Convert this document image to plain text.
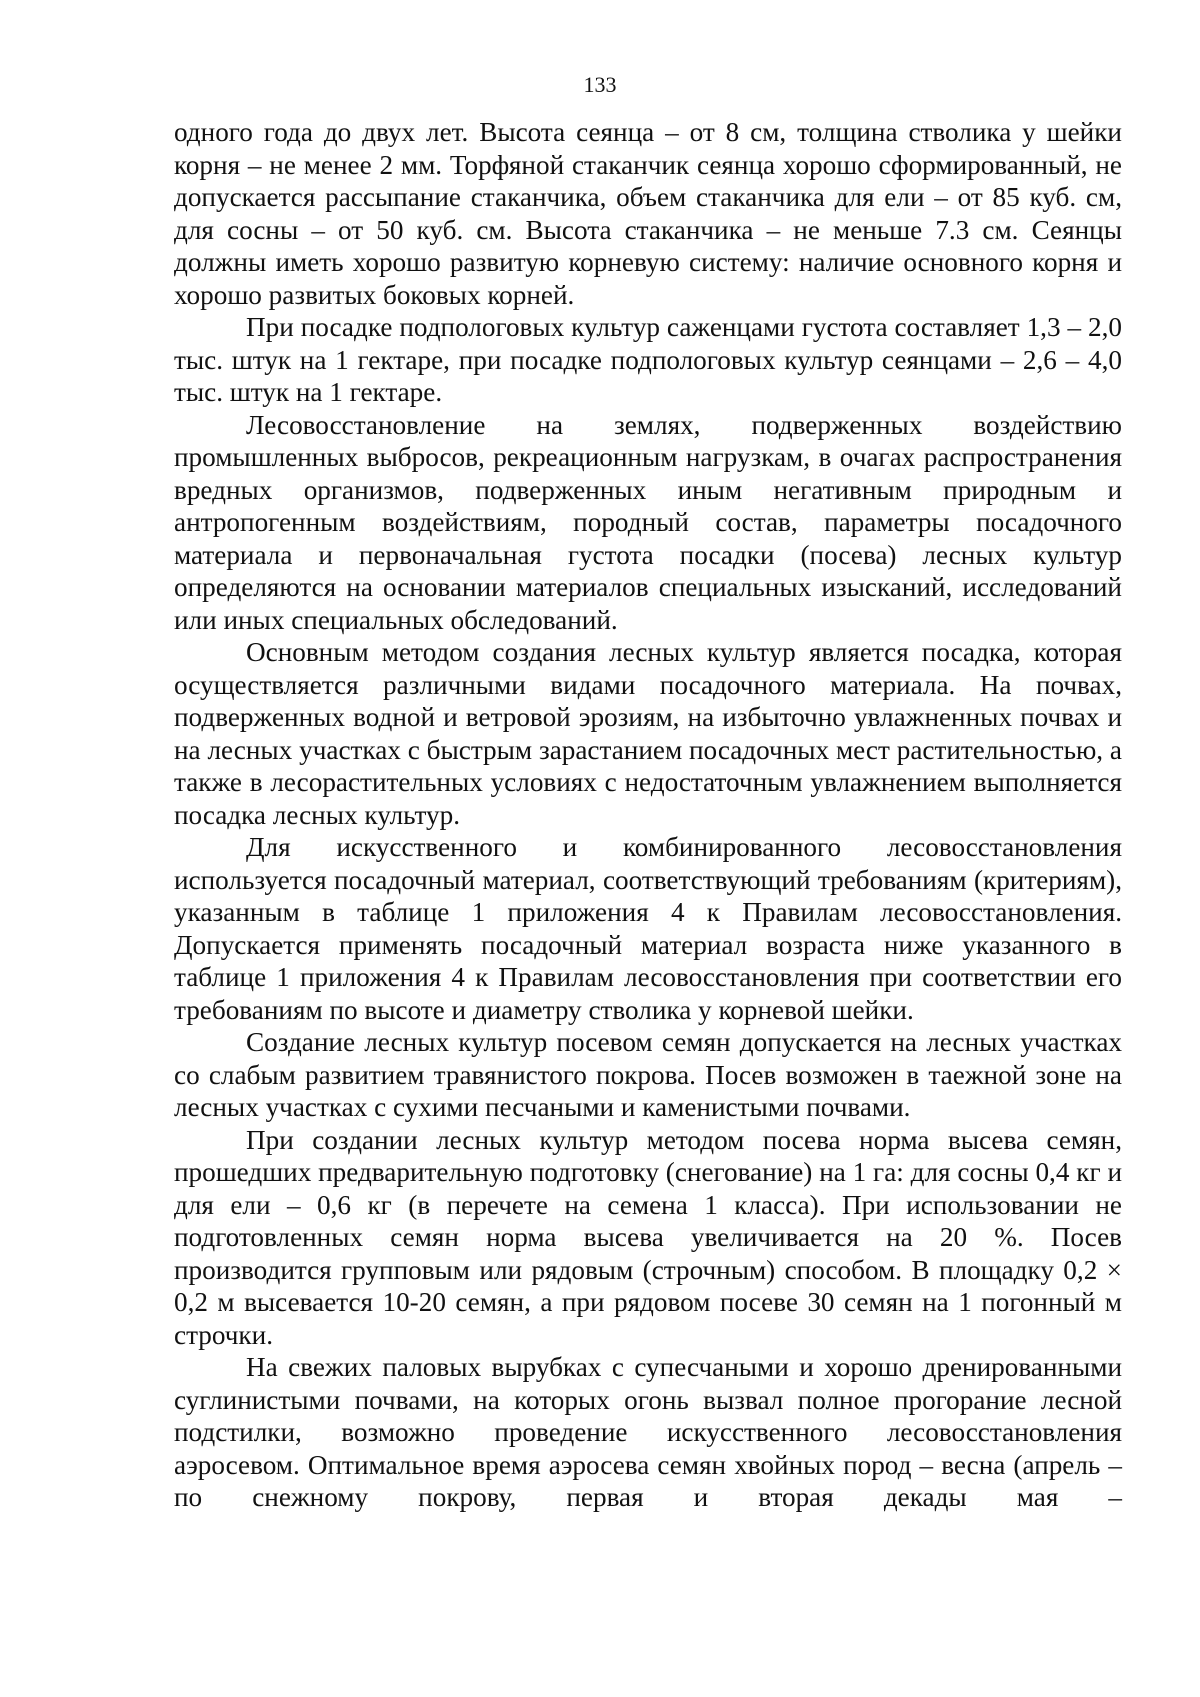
133

одного года до двух лет. Высота сеянца – от 8 см, толщина стволика у шейки корня – не менее 2 мм. Торфяной стаканчик сеянца хорошо сформированный, не допускается рассыпание стаканчика, объем стаканчика для ели – от 85 куб. см, для сосны – от 50 куб. см. Высота стаканчика – не меньше 7.3 см. Сеянцы должны иметь хорошо развитую корневую систему: наличие основного корня и хорошо развитых боковых корней.

При посадке подпологовых культур саженцами густота составляет 1,3 – 2,0 тыс. штук на 1 гектаре, при посадке подпологовых культур сеянцами – 2,6 – 4,0 тыс. штук на 1 гектаре.

Лесовосстановление на землях, подверженных воздействию промышленных выбросов, рекреационным нагрузкам, в очагах распространения вредных организмов, подверженных иным негативным природным и антропогенным воздействиям, породный состав, параметры посадочного материала и первоначальная густота посадки (посева) лесных культур определяются на основании материалов специальных изысканий, исследований или иных специальных обследований.

Основным методом создания лесных культур является посадка, которая осуществляется различными видами посадочного материала. На почвах, подверженных водной и ветровой эрозиям, на избыточно увлажненных почвах и на лесных участках с быстрым зарастанием посадочных мест растительностью, а также в лесорастительных условиях с недостаточным увлажнением выполняется посадка лесных культур.

Для искусственного и комбинированного лесовосстановления используется посадочный материал, соответствующий требованиям (критериям), указанным в таблице 1 приложения 4 к Правилам лесовосстановления. Допускается применять посадочный материал возраста ниже указанного в таблице 1 приложения 4 к Правилам лесовосстановления при соответствии его требованиям по высоте и диаметру стволика у корневой шейки.

Создание лесных культур посевом семян допускается на лесных участках со слабым развитием травянистого покрова. Посев возможен в таежной зоне на лесных участках с сухими песчаными и каменистыми почвами.

При создании лесных культур методом посева норма высева семян, прошедших предварительную подготовку (снегование) на 1 га: для сосны 0,4 кг и для ели – 0,6 кг (в перечете на семена 1 класса). При использовании не подготовленных семян норма высева увеличивается на 20 %. Посев производится групповым или рядовым (строчным) способом. В площадку 0,2 × 0,2 м высевается 10-20 семян, а при рядовом посеве 30 семян на 1 погонный м строчки.

На свежих паловых вырубках с супесчаными и хорошо дренированными суглинистыми почвами, на которых огонь вызвал полное прогорание лесной подстилки, возможно проведение искусственного лесовосстановления аэросевом. Оптимальное время аэросева семян хвойных пород – весна (апрель – по снежному покрову, первая и вторая декады мая –
